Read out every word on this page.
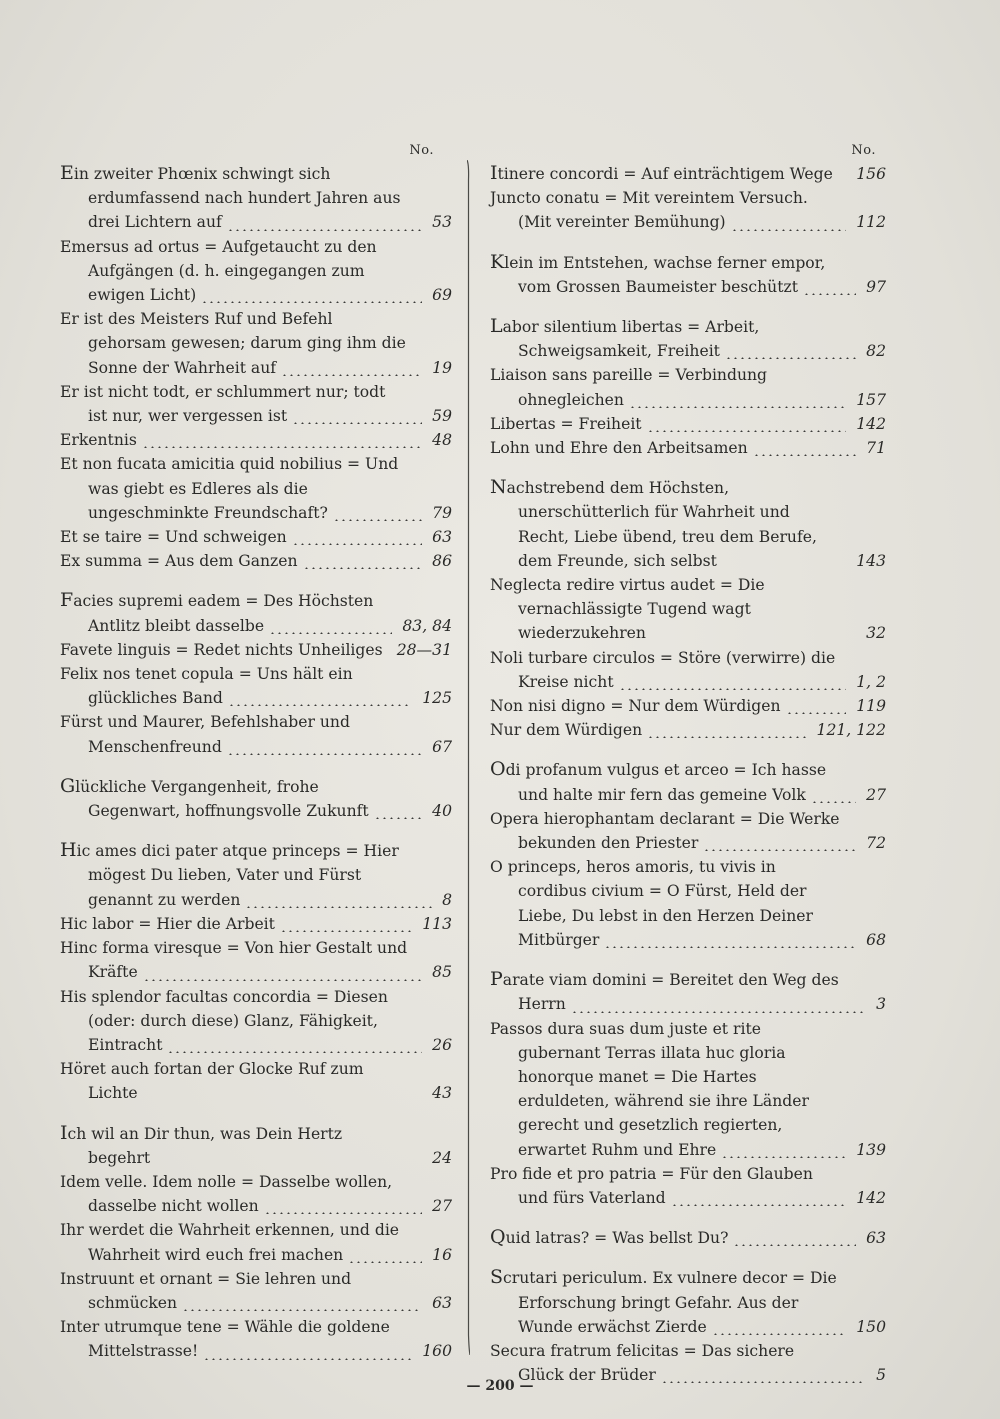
No.
Ein zweiter Phœnix schwingt sich erdumfassend nach hundert Jahren aus drei Lichtern auf	53
Emersus ad ortus = Aufgetaucht zu den Aufgängen (d. h. eingegangen zum ewigen Licht)	69
Er ist des Meisters Ruf und Befehl gehorsam gewesen; darum ging ihm die Sonne der Wahrheit auf	19
Er ist nicht todt, er schlummert nur; todt ist nur, wer vergessen ist	59
Erkentnis	48
Et non fucata amicitia quid nobilius = Und was giebt es Edleres als die ungeschminkte Freundschaft?	79
Et se taire = Und schweigen	63
Ex summa = Aus dem Ganzen	86
Facies supremi eadem = Des Höchsten Antlitz bleibt dasselbe	83, 84
Favete linguis = Redet nichts Unheiliges 28—31
Felix nos tenet copula = Uns hält ein glückliches Band	125
Fürst und Maurer, Befehlshaber und Menschenfreund	67
Glückliche Vergangenheit, frohe Gegenwart, hoffnungsvolle Zukunft	40
Hic ames dici pater atque princeps = Hier mögest Du lieben, Vater und Fürst genannt zu werden	8
Hic labor = Hier die Arbeit	113
Hinc forma viresque = Von hier Gestalt und Kräfte	85
His splendor facultas concordia = Diesen (oder: durch diese) Glanz, Fähigkeit, Eintracht	26
Höret auch fortan der Glocke Ruf zum Lichte	43
Ich wil an Dir thun, was Dein Hertz begehrt	24
Idem velle. Idem nolle = Dasselbe wollen, dasselbe nicht wollen	27
Ihr werdet die Wahrheit erkennen, und die Wahrheit wird euch frei machen	16
Instruunt et ornant = Sie lehren und schmücken	63
Inter utrumque tene = Wähle die goldene Mittelstrasse!	160
No.
Itinere concordi = Auf einträchtigem Wege 156
Juncto conatu = Mit vereintem Versuch. (Mit vereinter Bemühung)	112
Klein im Entstehen, wachse ferner empor, vom Grossen Baumeister beschützt	97
Labor silentium libertas = Arbeit, Schweigsamkeit, Freiheit	82
Liaison sans pareille = Verbindung ohnegleichen	157
Libertas = Freiheit	142
Lohn und Ehre den Arbeitsamen	71
Nachstrebend dem Höchsten, unerschütterlich für Wahrheit und Recht, Liebe übend, treu dem Berufe, dem Freunde, sich selbst	143
Neglecta redire virtus audet = Die vernachlässigte Tugend wagt wiederzukehren	32
Noli turbare circulos = Störe (verwirre) die Kreise nicht	1, 2
Non nisi digno = Nur dem Würdigen	119
Nur dem Würdigen	121, 122
Odi profanum vulgus et arceo = Ich hasse und halte mir fern das gemeine Volk	27
Opera hierophantam declarant = Die Werke bekunden den Priester	72
O princeps, heros amoris, tu vivis in cordibus civium = O Fürst, Held der Liebe, Du lebst in den Herzen Deiner Mitbürger	68
Parate viam domini = Bereitet den Weg des Herrn	3
Passos dura suas dum juste et rite gubernant Terras illata huc gloria honorque manet = Die Hartes erduldeten, während sie ihre Länder gerecht und gesetzlich regierten, erwartet Ruhm und Ehre	139
Pro fide et pro patria = Für den Glauben und fürs Vaterland	142
Quid latras? = Was bellst Du?	63
Scrutari periculum. Ex vulnere decor = Die Erforschung bringt Gefahr. Aus der Wunde erwächst Zierde	150
Secura fratrum felicitas = Das sichere Glück der Brüder	5
— 200 —
